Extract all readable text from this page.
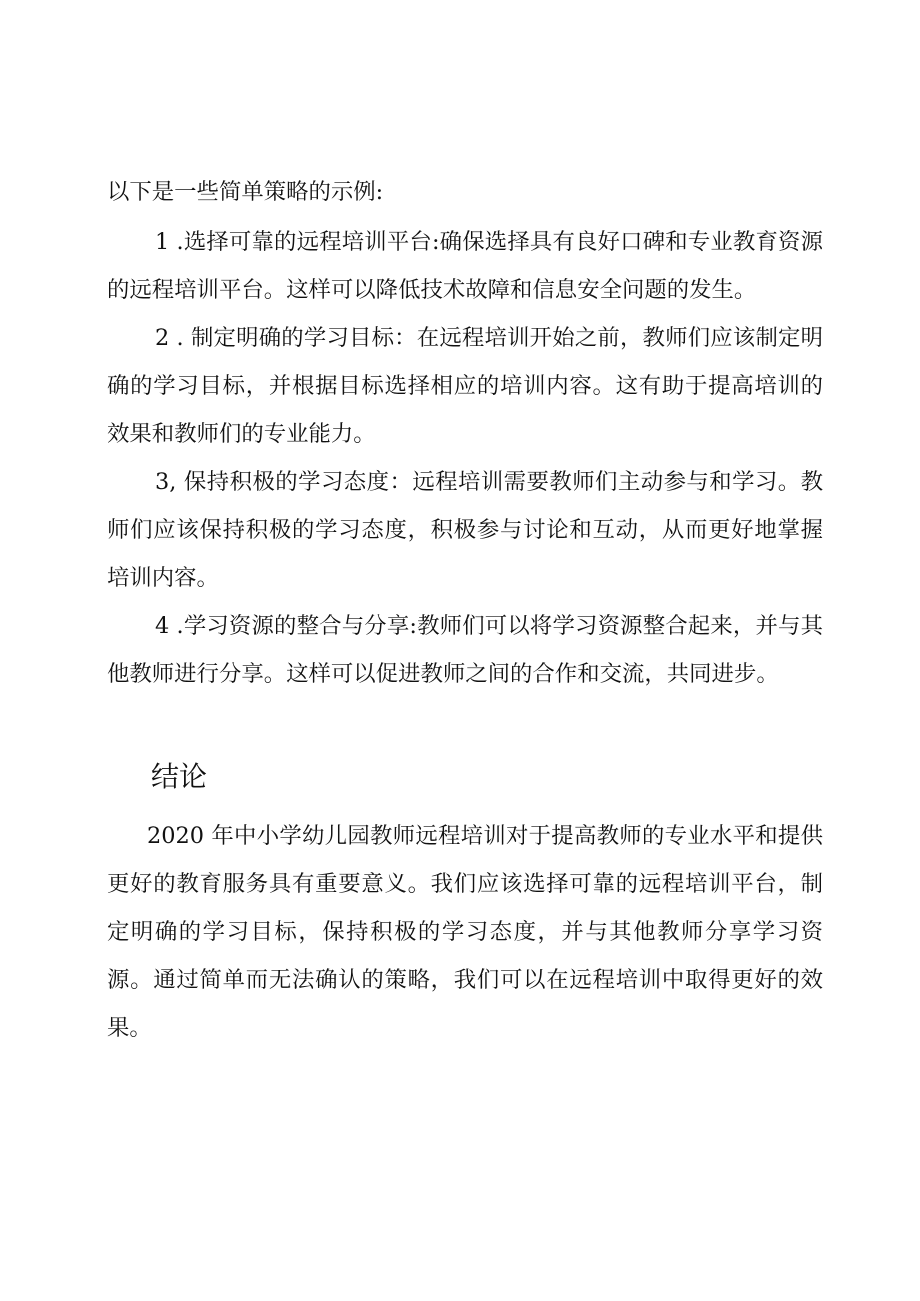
以下是一些简单策略的示例:

1 .选择可靠的远程培训平台:确保选择具有良好口碑和专业教育资源的远程培训平台。这样可以降低技术故障和信息安全问题的发生。

2 . 制定明确的学习目标：在远程培训开始之前，教师们应该制定明确的学习目标，并根据目标选择相应的培训内容。这有助于提高培训的效果和教师们的专业能力。

3, 保持积极的学习态度：远程培训需要教师们主动参与和学习。教师们应该保持积极的学习态度，积极参与讨论和互动，从而更好地掌握培训内容。

4 .学习资源的整合与分享:教师们可以将学习资源整合起来，并与其他教师进行分享。这样可以促进教师之间的合作和交流，共同进步。

结论

2020 年中小学幼儿园教师远程培训对于提高教师的专业水平和提供更好的教育服务具有重要意义。我们应该选择可靠的远程培训平台，制定明确的学习目标，保持积极的学习态度，并与其他教师分享学习资源。通过简单而无法确认的策略，我们可以在远程培训中取得更好的效果。
